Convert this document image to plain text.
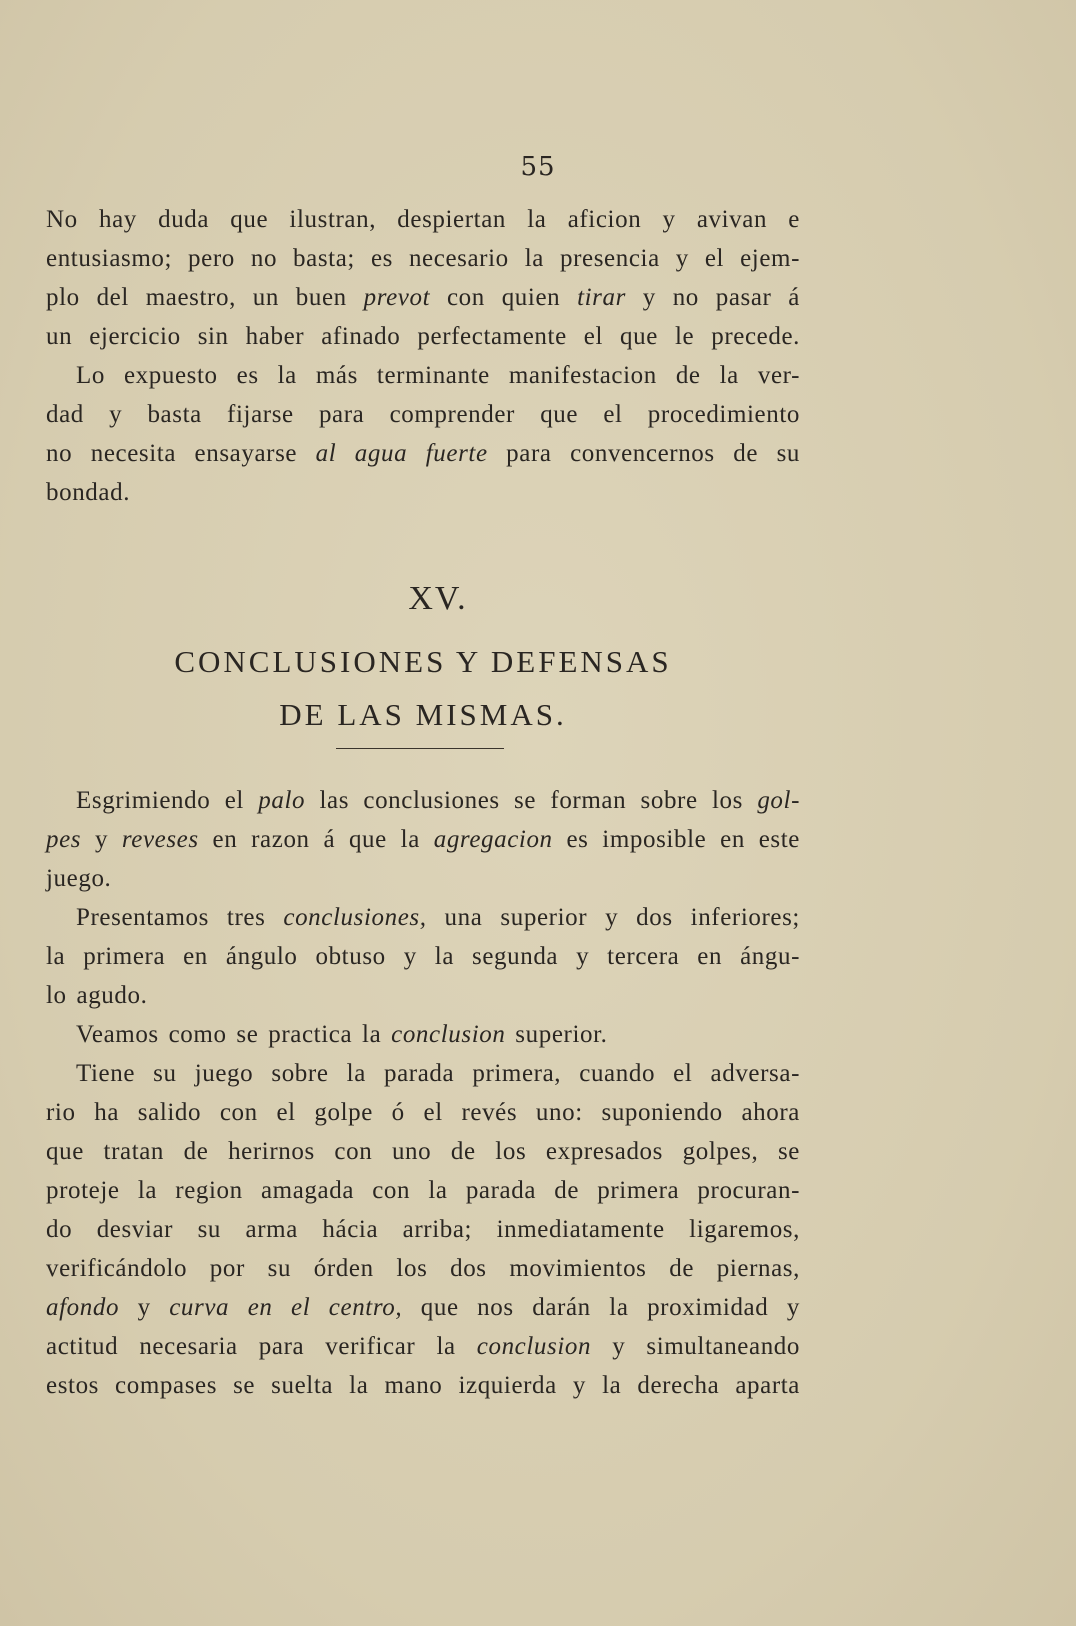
55
No hay duda que ilustran, despiertan la aficion y avivan e
entusiasmo; pero no basta; es necesario la presencia y el ejem-
plo del maestro, un buen prevot con quien tirar y no pasar á
un ejercicio sin haber afinado perfectamente el que le precede.
Lo expuesto es la más terminante manifestacion de la ver-
dad y basta fijarse para comprender que el procedimiento
no necesita ensayarse al agua fuerte para convencernos de su
bondad.
XV.
CONCLUSIONES Y DEFENSAS
DE LAS MISMAS.
Esgrimiendo el palo las conclusiones se forman sobre los gol-
pes y reveses en razon á que la agregacion es imposible en este
juego.
Presentamos tres conclusiones, una superior y dos inferiores;
la primera en ángulo obtuso y la segunda y tercera en ángu-
lo agudo.
Veamos como se practica la conclusion superior.
Tiene su juego sobre la parada primera, cuando el adversa-
rio ha salido con el golpe ó el revés uno: suponiendo ahora
que tratan de herirnos con uno de los expresados golpes, se
proteje la region amagada con la parada de primera procuran-
do desviar su arma hácia arriba; inmediatamente ligaremos,
verificándolo por su órden los dos movimientos de piernas,
afondo y curva en el centro, que nos darán la proximidad y
actitud necesaria para verificar la conclusion y simultaneando
estos compases se suelta la mano izquierda y la derecha aparta
